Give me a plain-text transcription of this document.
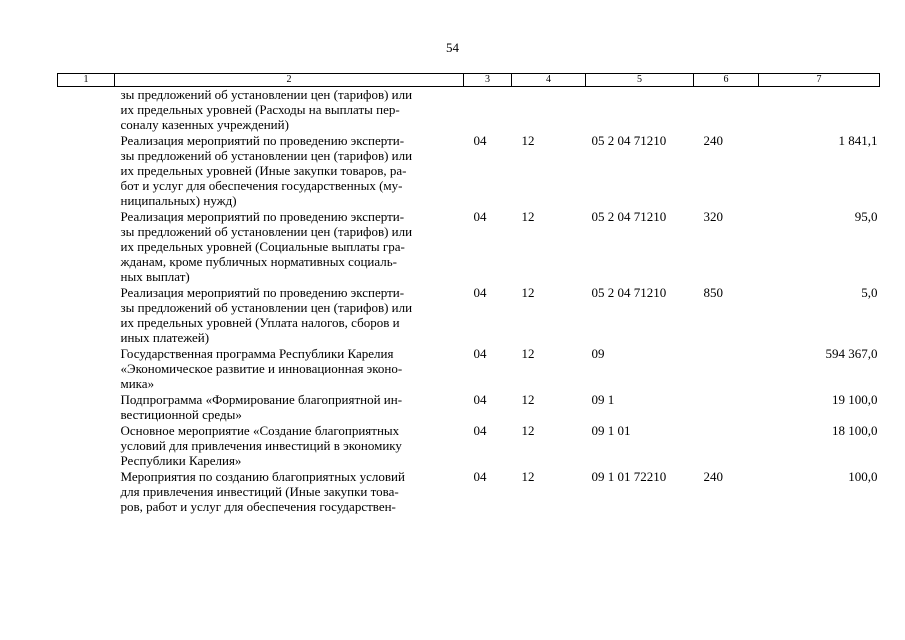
54
1	2	3	4	5	6	7

	зы предложений об установлении цен (тарифов) или
их предельных уровней (Расходы на выплаты пер-
соналу казенных учреждений)					

	Реализация мероприятий по проведению эксперти-
зы предложений об установлении цен (тарифов) или
их предельных уровней (Иные закупки товаров, ра-
бот и услуг для обеспечения государственных (му-
ниципальных) нужд)	04	12	05 2 04 71210	240	1 841,1

	Реализация мероприятий по проведению эксперти-
зы предложений об установлении цен (тарифов) или
их предельных уровней (Социальные выплаты гра-
жданам, кроме публичных нормативных социаль-
ных выплат)	04	12	05 2 04 71210	320	95,0

	Реализация мероприятий по проведению эксперти-
зы предложений об установлении цен (тарифов) или
их предельных уровней (Уплата налогов, сборов и
иных платежей)	04	12	05 2 04 71210	850	5,0

	Государственная программа Республики Карелия
«Экономическое развитие и инновационная эконо-
мика»	04	12	09		594 367,0

	Подпрограмма «Формирование благоприятной ин-
вестиционной среды»	04	12	09 1		19 100,0

	Основное мероприятие «Создание благоприятных
условий для привлечения инвестиций в экономику
Республики Карелия»	04	12	09 1 01		18 100,0

	Мероприятия по созданию благоприятных условий
для привлечения инвестиций (Иные закупки това-
ров, работ и услуг для обеспечения государствен-	04	12	09 1 01 72210	240	100,0
